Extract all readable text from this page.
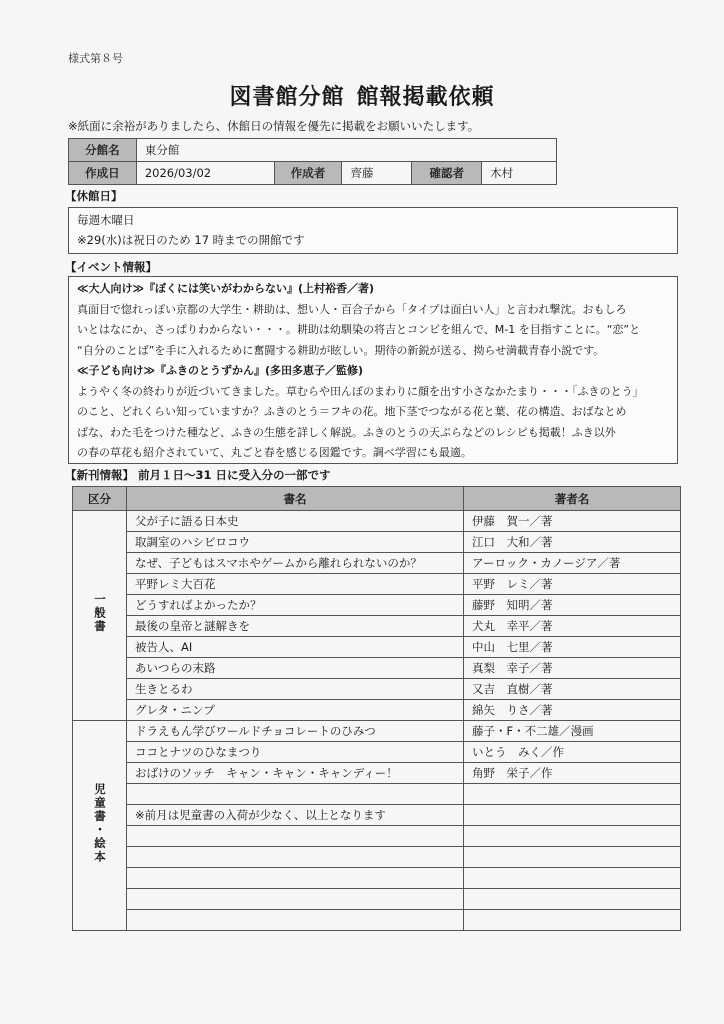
様式第８号
図書館分館 館報掲載依頼
※紙面に余裕がありましたら、休館日の情報を優先に掲載をお願いいたします。
分館名	東分館				
作成日	2026/03/02	作成者	齊藤	確認者	木村
【休館日】
毎週木曜日
※29(水)は祝日のため 17 時までの開館です
【イベント情報】
≪大人向け≫『ぼくには笑いがわからない』(上村裕香／著)
真面目で惚れっぽい京都の大学生・耕助は、想い人・百合子から「タイプは面白い人」と言われ撃沈。おもしろ
いとはなにか、さっぱりわからない・・・。耕助は幼馴染の将吉とコンビを組んで、M-1 を目指すことに。“恋”と
“自分のことば”を手に入れるために奮闘する耕助が眩しい。期待の新鋭が送る、拗らせ満載青春小説です。
≪子ども向け≫『ふきのとうずかん』(多田多恵子／監修)
ようやく冬の終わりが近づいてきました。草むらや田んぼのまわりに顔を出す小さなかたまり・・・「ふきのとう」
のこと、どれくらい知っていますか？ふきのとう＝フキの花。地下茎でつながる花と葉、花の構造、おばなとめ
ばな、わた毛をつけた種など、ふきの生態を詳しく解説。ふきのとうの天ぷらなどのレシピも掲載！ふき以外
の春の草花も紹介されていて、丸ごと春を感じる図鑑です。調べ学習にも最適。
【新刊情報】 前月１日～31 日に受入分の一部です
区分	書名	著者名
一般書	父が子に語る日本史	伊藤　賀一／著
	取調室のハシビロコウ	江口　大和／著
	なぜ、子どもはスマホやゲームから離れられないのか？	アーロック・カノージア／著
	平野レミ大百花	平野　レミ／著
	どうすればよかったか？	藤野　知明／著
	最後の皇帝と謎解きを	犬丸　幸平／著
	被告人、AI	中山　七里／著
	あいつらの末路	真梨　幸子／著
	生きとるわ	又吉　直樹／著
	グレタ・ニンプ	綿矢　りさ／著
児童書・絵本	ドラえもん学びワールドチョコレートのひみつ	藤子・F・不二雄／漫画
	ココとナツのひなまつり	いとう　みく／作
	おばけのソッチ　キャン・キャン・キャンディー！	角野　栄子／作

	※前月は児童書の入荷が少なく、以上となります	
